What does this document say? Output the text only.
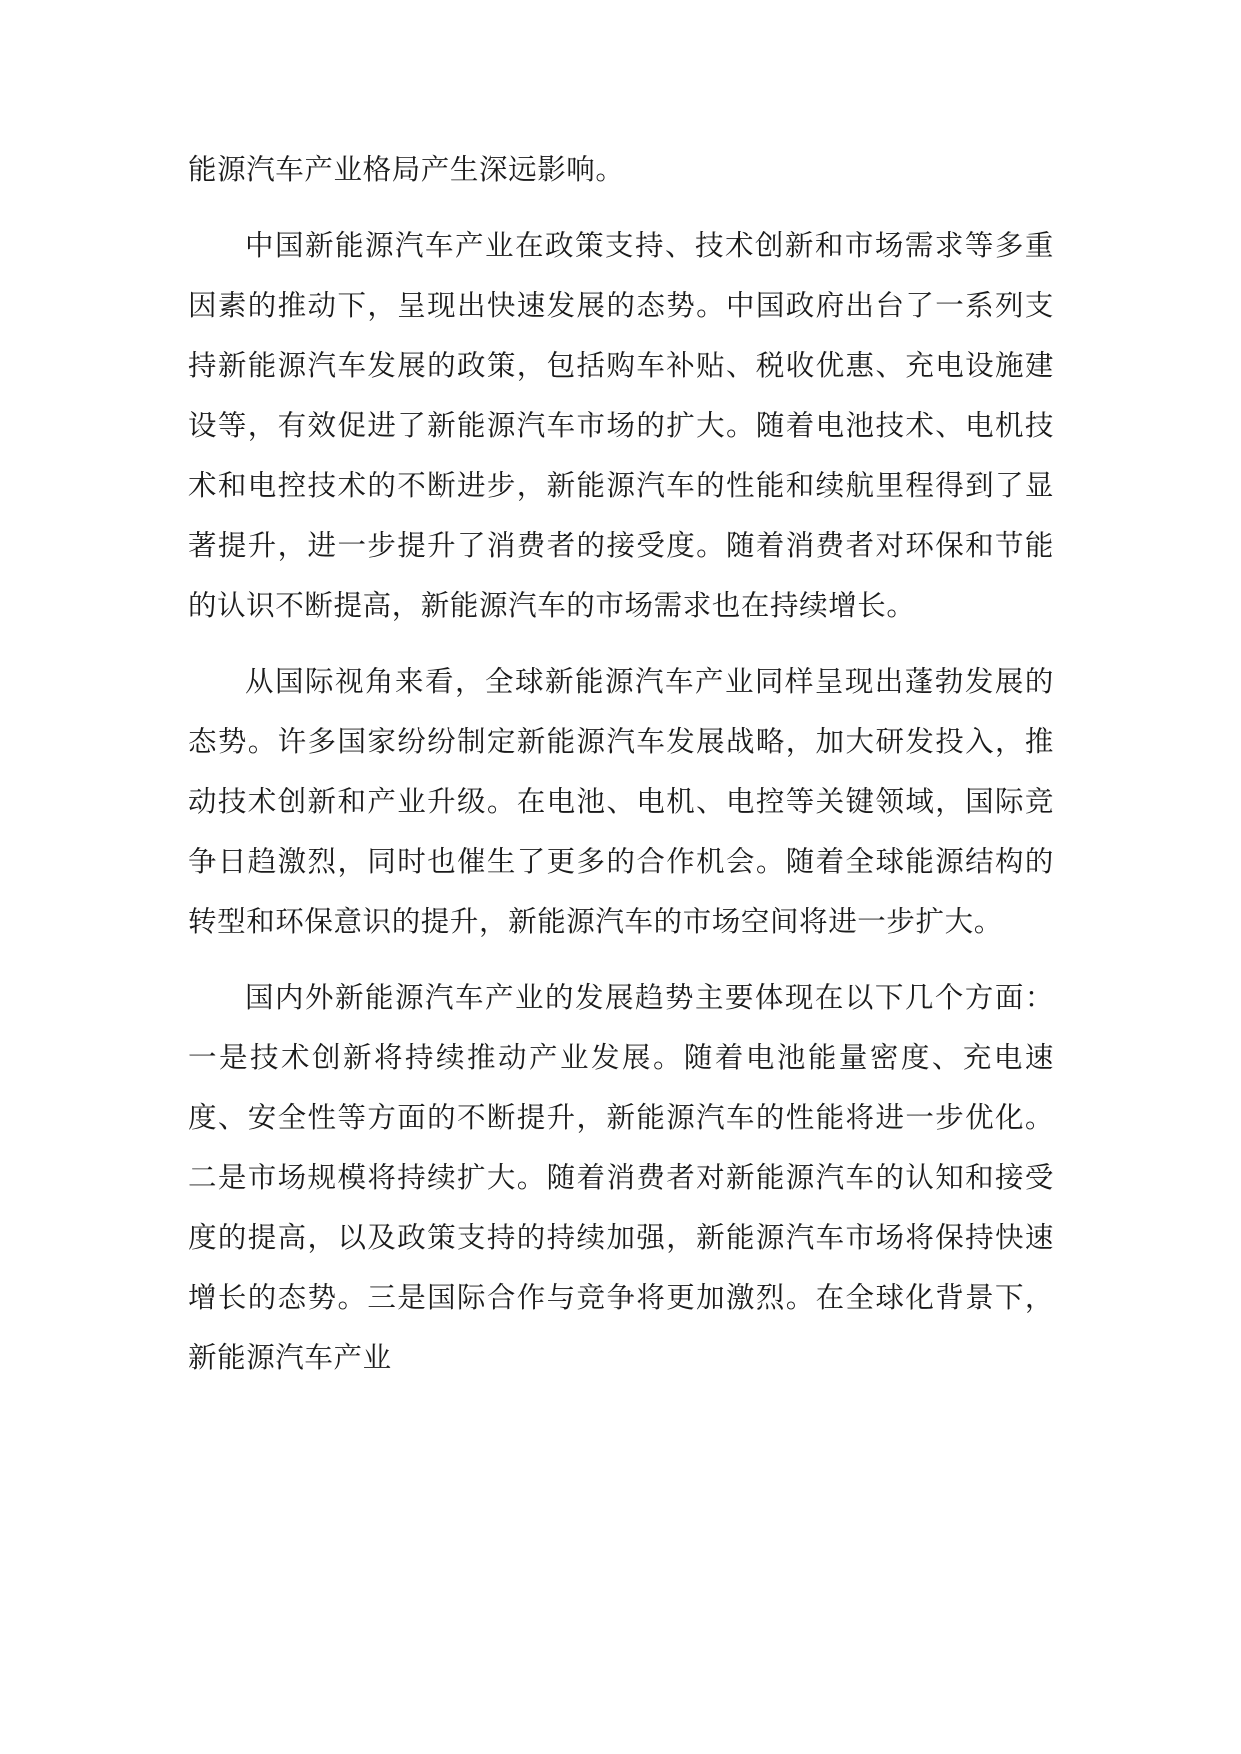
能源汽车产业格局产生深远影响。

中国新能源汽车产业在政策支持、技术创新和市场需求等多重因素的推动下，呈现出快速发展的态势。中国政府出台了一系列支持新能源汽车发展的政策，包括购车补贴、税收优惠、充电设施建设等，有效促进了新能源汽车市场的扩大。随着电池技术、电机技术和电控技术的不断进步，新能源汽车的性能和续航里程得到了显著提升，进一步提升了消费者的接受度。随着消费者对环保和节能的认识不断提高，新能源汽车的市场需求也在持续增长。

从国际视角来看，全球新能源汽车产业同样呈现出蓬勃发展的态势。许多国家纷纷制定新能源汽车发展战略，加大研发投入，推动技术创新和产业升级。在电池、电机、电控等关键领域，国际竞争日趋激烈，同时也催生了更多的合作机会。随着全球能源结构的转型和环保意识的提升，新能源汽车的市场空间将进一步扩大。

国内外新能源汽车产业的发展趋势主要体现在以下几个方面：一是技术创新将持续推动产业发展。随着电池能量密度、充电速度、安全性等方面的不断提升，新能源汽车的性能将进一步优化。二是市场规模将持续扩大。随着消费者对新能源汽车的认知和接受度的提高，以及政策支持的持续加强，新能源汽车市场将保持快速增长的态势。三是国际合作与竞争将更加激烈。在全球化背景下，新能源汽车产业
